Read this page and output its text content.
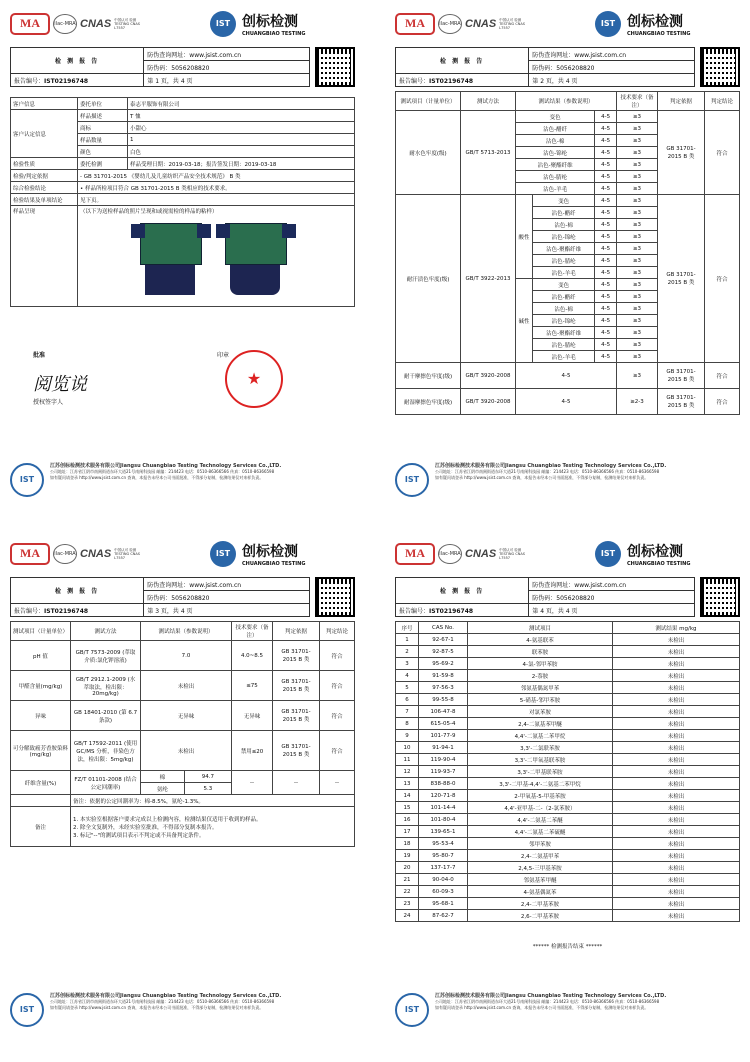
MA	ilac-MRA CNAS 中国认可 检测 TESTING CNAS L7557	IST 创标检测
CHUANGBIAO TESTING
检 测 报 告	防伪查询网址：www.jsist.com.cn
	防伪码：5056208820
报告编号：IST02196748	第 1 页，共 4 页
客户信息	委托单位	泰志平服饰有限公司
客户认定信息	样品描述	T 恤
	商标	小甜心
	样品数量	1
	颜色	白色
检验性质	委托检测	样品受理日期：2019-03-18；报告签发日期：2019-03-18
检验/判定依据	- GB 31701-2015 《婴幼儿及儿童纺织产品安全技术规范》 B 类	
综合检验结论	• 样品所检项目符合 GB 31701-2015 B 类相应的技术要求。	
检验结果及单项结论	见下页。	
样品呈现	（以下为送检样品的照片呈现和或视需检的样品的粘样）	
批准
阅览说
授权签字人
印章
★
IST
江苏创标检测技术服务有限公司Jiangsu Chuangbiao Testing Technology Services Co.,LTD.
公司地址：江苏省江阴市南闸街道东环大道21号南闸科技园 邮编：214423 电话：0510-86366566 传真：0510-86366598
如有疑问请登录 http://www.jsist.com.cn 查询，本报告未经本公司书面批准，不得部分复制，检测结果仅对来样负责。
MA	ilac-MRA CNAS 中国认可 检测 TESTING CNAS L7557	IST 创标检测
CHUANGBIAO TESTING
检 测 报 告	防伪查询网址：www.jsist.com.cn
	防伪码：5056208820
报告编号：IST02196748	第 2 页，共 4 页
测试项目（计量单位）	测试方法	测试结果（参数说明）			技术要求（备注）	判定依据	判定结论
耐水色牢度(级)	GB/T 5713-2013	变色		4-5	≥3	GB 31701-2015 B 类	符合
		沾色-醋纤		4-5	≥3		
		沾色-棉		4-5	≥3		
		沾色-锦纶		4-5	≥3		
		沾色-聚酯纤维		4-5	≥3		
		沾色-腈纶		4-5	≥3		
		沾色-羊毛		4-5	≥3		
耐汗渍色牢度(级)	GB/T 3922-2013	酸性	变色	4-5	≥3	GB 31701-2015 B 类	符合
			沾色-醋纤	4-5	≥3		
			沾色-棉	4-5	≥3		
			沾色-锦纶	4-5	≥3		
			沾色-聚酯纤维	4-5	≥3		
			沾色-腈纶	4-5	≥3		
			沾色-羊毛	4-5	≥3		
		碱性	变色	4-5	≥3		
			沾色-醋纤	4-5	≥3		
			沾色-棉	4-5	≥3		
			沾色-锦纶	4-5	≥3		
			沾色-聚酯纤维	4-5	≥3		
			沾色-腈纶	4-5	≥3		
			沾色-羊毛	4-5	≥3		
耐干摩擦色牢度(级)	GB/T 3920-2008	4-5			≥3	GB 31701-2015 B 类	符合
耐湿摩擦色牢度(级)	GB/T 3920-2008	4-5			≥2-3	GB 31701-2015 B 类	符合
IST
江苏创标检测技术服务有限公司Jiangsu Chuangbiao Testing Technology Services Co.,LTD.
公司地址：江苏省江阴市南闸街道东环大道21号南闸科技园 邮编：214423 电话：0510-86366566 传真：0510-86366598
如有疑问请登录 http://www.jsist.com.cn 查询，本报告未经本公司书面批准，不得部分复制，检测结果仅对来样负责。
MA	ilac-MRA CNAS 中国认可 检测 TESTING CNAS L7557	IST 创标检测
CHUANGBIAO TESTING
检 测 报 告	防伪查询网址：www.jsist.com.cn
	防伪码：5056208820
报告编号：IST02196748	第 3 页，共 4 页
测试项目（计量单位）	测试方法	测试结果（参数说明）		技术要求（备注）	判定依据	判定结论
pH 值	GB/T 7573-2009 (萃取介质:氯化钾溶液)	7.0		4.0~8.5	GB 31701-2015 B 类	符合
甲醛含量(mg/kg)	GB/T 2912.1-2009 (水萃取法，检出限：20mg/kg)	未检出		≤75	GB 31701-2015 B 类	符合
异味	GB 18401-2010 (第 6.7 条款)	无异味		无异味	GB 31701-2015 B 类	符合
可分解致癌芳香胺染料(mg/kg)	GB/T 17592-2011 (使用 GC/MS 分析，非染色方法，检出限：5mg/kg)	未检出		禁用≤20	GB 31701-2015 B 类	符合
纤维含量(%)	FZ/T 01101-2008 (结合公定回潮率)	棉	94.7	--	--	--
		氨纶	5.3			
	备注：依据的公定回潮率为：棉-8.5%，氨纶-1.3%。					
备注	1. 本实验室根据客户要求完成以上检测内容，检测结果仅适用于收到的样品。
2. 除全文复制外，未经实验室批准，不得部分复制本报告。
3. 标记"--"的测试项目表示不判定或不具备判定条件。					
IST
江苏创标检测技术服务有限公司Jiangsu Chuangbiao Testing Technology Services Co.,LTD.
公司地址：江苏省江阴市南闸街道东环大道21号南闸科技园 邮编：214423 电话：0510-86366566 传真：0510-86366598
如有疑问请登录 http://www.jsist.com.cn 查询，本报告未经本公司书面批准，不得部分复制，检测结果仅对来样负责。
MA	ilac-MRA CNAS 中国认可 检测 TESTING CNAS L7557	IST 创标检测
CHUANGBIAO TESTING
检 测 报 告	防伪查询网址：www.jsist.com.cn
	防伪码：5056208820
报告编号：IST02196748	第 4 页，共 4 页
序号	CAS No.	测试项目	测试结果 mg/kg
1	92-67-1	4-氨基联苯	未检出
2	92-87-5	联苯胺	未检出
3	95-69-2	4-氯-邻甲苯胺	未检出
4	91-59-8	2-萘胺	未检出
5	97-56-3	邻氨基偶氮甲苯	未检出
6	99-55-8	5-硝基-邻甲苯胺	未检出
7	106-47-8	对氯苯胺	未检出
8	615-05-4	2,4-二氨基苯甲醚	未检出
9	101-77-9	4,4'-二氨基二苯甲烷	未检出
10	91-94-1	3,3'-二氯联苯胺	未检出
11	119-90-4	3,3'-二甲氧基联苯胺	未检出
12	119-93-7	3,3'-二甲基联苯胺	未检出
13	838-88-0	3,3'-二甲基-4,4'-二氨基二苯甲烷	未检出
14	120-71-8	2-甲氧基-5-甲基苯胺	未检出
15	101-14-4	4,4'-亚甲基-二-（2-氯苯胺）	未检出
16	101-80-4	4,4'-二氨基二苯醚	未检出
17	139-65-1	4,4'-二氨基二苯硫醚	未检出
18	95-53-4	邻甲苯胺	未检出
19	95-80-7	2,4-二氨基甲苯	未检出
20	137-17-7	2,4,5-三甲基苯胺	未检出
21	90-04-0	邻氨基苯甲醚	未检出
22	60-09-3	4-氨基偶氮苯	未检出
23	95-68-1	2,4-二甲基苯胺	未检出
24	87-62-7	2,6-二甲基苯胺	未检出
****** 检测报告结束 ******
IST
江苏创标检测技术服务有限公司Jiangsu Chuangbiao Testing Technology Services Co.,LTD.
公司地址：江苏省江阴市南闸街道东环大道21号南闸科技园 邮编：214423 电话：0510-86366566 传真：0510-86366598
如有疑问请登录 http://www.jsist.com.cn 查询，本报告未经本公司书面批准，不得部分复制，检测结果仅对来样负责。
